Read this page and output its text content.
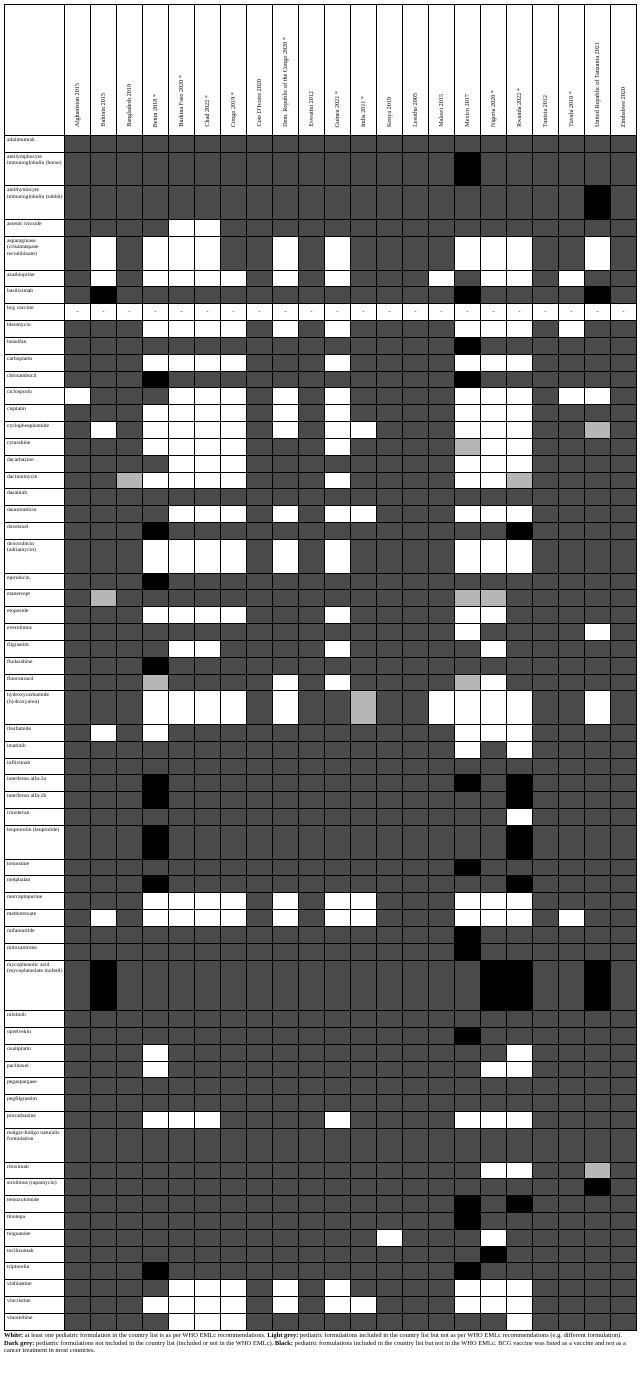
	Afghanistan 2015	Bahrain 2015	Bangladesh 2019	Benin 2018 *	Burkina Faso 2020 *	Chad 2022 *	Congo 2019 *	Cote D'Ivoire 2020	Dem. Republic of the Congo 2020 *	Eswatini 2012	Guinea 2021 *	India 2011 *	Kenya 2019	Lesotho 2005	Malawi 2015	Mexico 2017	Nigeria 2020 *	Rwanda 2022 *	Tunisia 2012	Tuvalu 2010 *	United Republic of Tanzania 2021	Zimbabwe 2020

adalimumab																						
antilymphocyte immunoglobulin (horse)																						
antithymocyte immunoglobulin (rabbit)																						
arsenic trioxide																						
asparaginase (crisantaspase recombinant)																						
azathioprine																						
basiliximab																						
bcg vaccine	-	-	-	-	-	-	-	-	-	-	-	-	-	-	-	-	-	-	-	-	-	-
bleomycin																						
busulfan																						
carboplatin																						
chlorambucil																						
ciclosporin																						
cisplatin																						
cyclophosphamide																						
cytarabine																						
dacarbazine																						
dactinomycin																						
dasatinib																						
daunorubicin																						
docetaxel																						
doxorubicin (adriamycin)																						
epirubicin																						
etanercept																						
etoposide																						
everolimus																						
filgrastim																						
fludarabine																						
fluorouracil																						
hydroxycarbamide (hydroxyurea)																						
ifosfamide																						
imatinib																						
infliximab																						
interferon alfa-2a																						
interferon alfa-2b																						
irinotecan																						
leuprorelin (leuprolide)																						
lomustine																						
melphalan																						
mercaptopurine																						
methotrexate																						
mifamurtide																						
mitoxantrone																						
mycophenolic acid (mycophenolate mofetil)																						
nilotinib																						
oprelvekin																						
oxaliplatin																						
paclitaxel																						
pegaspargase																						
pegfilgrastim																						
procarbazine																						
realgar-Indigo naturalis formulation																						
rituximab																						
sirolimus (rapamycin)																						
temozolomide																						
thiotepa																						
tioguanine																						
tocilizumab																						
triptorelin																						
vinblastine																						
vincristine																						
vinorelbine																						
White: at least one pediatric formulation in the country list is as per WHO EMLc recommendations. Light grey: pediatric formulations included in the country list but not as per WHO EMLc recommendations (e.g. different formulation). Dark grey: pediatric formulations not included in the country list (included or not in the WHO EMLc). Black: pediatric formulations included in the country list but not in the WHO EMLc. BCG vaccine was listed as a vaccine and not as a cancer treatment in most countries.
